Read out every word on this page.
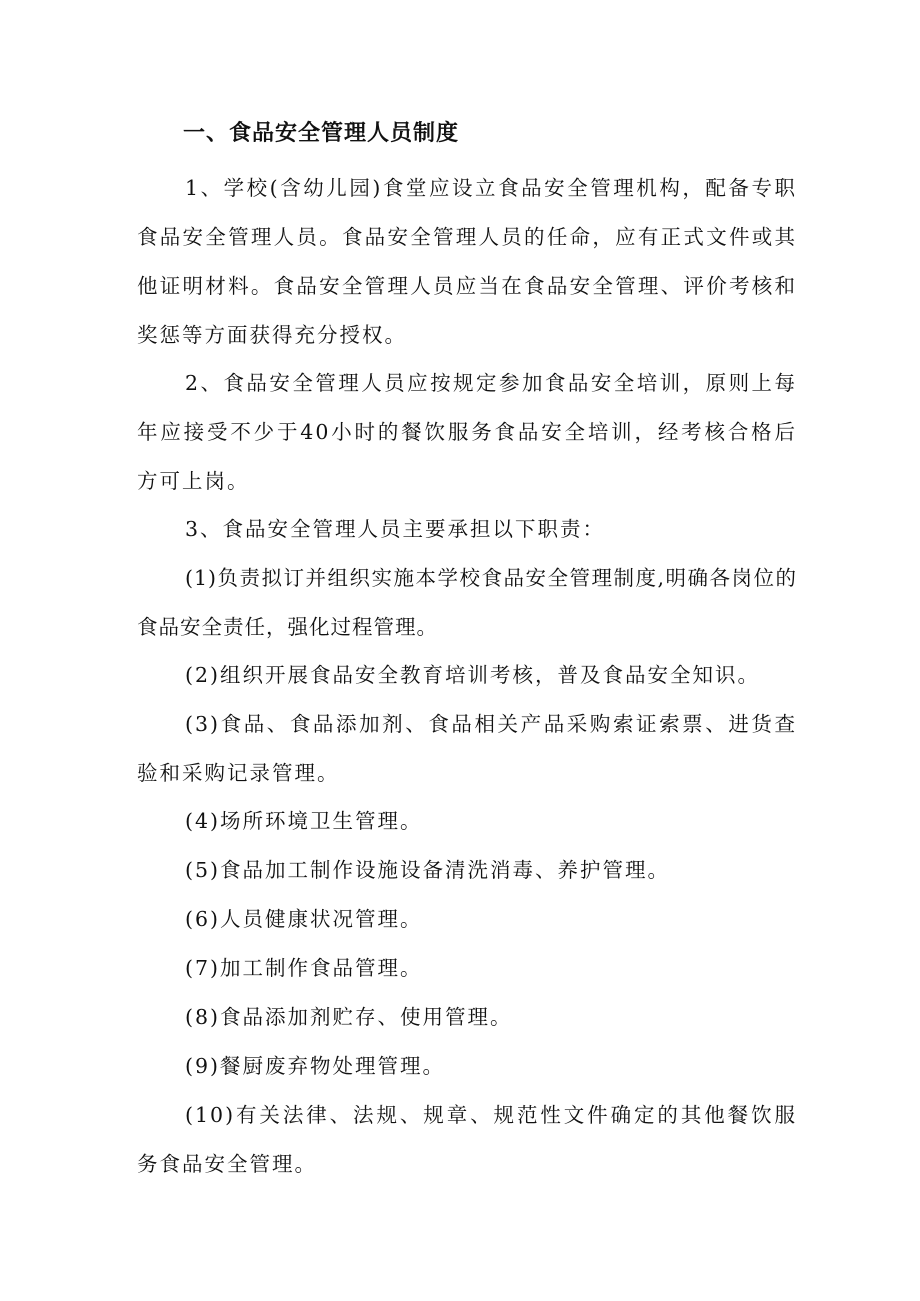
一、食品安全管理人员制度

1、学校(含幼儿园)食堂应设立食品安全管理机构，配备专职食品安全管理人员。食品安全管理人员的任命，应有正式文件或其他证明材料。食品安全管理人员应当在食品安全管理、评价考核和奖惩等方面获得充分授权。

2、食品安全管理人员应按规定参加食品安全培训，原则上每年应接受不少于40小时的餐饮服务食品安全培训，经考核合格后方可上岗。

3、食品安全管理人员主要承担以下职责：

(1)负责拟订并组织实施本学校食品安全管理制度,明确各岗位的食品安全责任，强化过程管理。

(2)组织开展食品安全教育培训考核，普及食品安全知识。

(3)食品、食品添加剂、食品相关产品采购索证索票、进货查验和采购记录管理。

(4)场所环境卫生管理。

(5)食品加工制作设施设备清洗消毒、养护管理。

(6)人员健康状况管理。

(7)加工制作食品管理。

(8)食品添加剂贮存、使用管理。

(9)餐厨废弃物处理管理。

(10)有关法律、法规、规章、规范性文件确定的其他餐饮服务食品安全管理。
